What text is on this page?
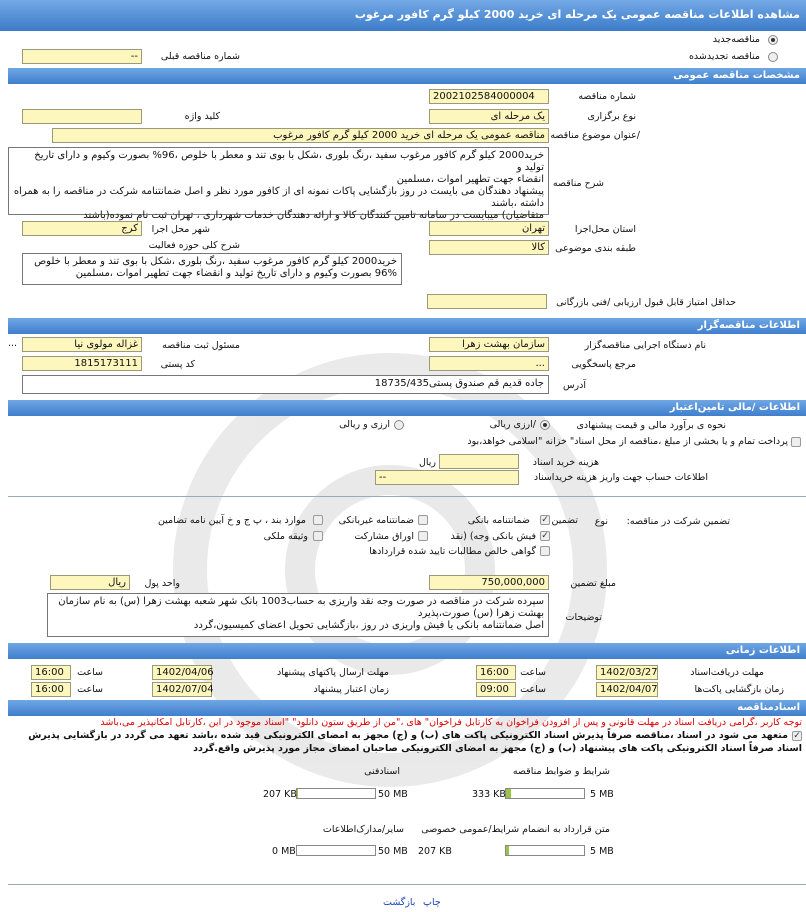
مشاهده اطلاعات مناقصه عمومی یک مرحله ای خرید 2000 کیلو گرم کافور مرغوب
مناقصه‌جدید
مناقصه تجدیدشده
شماره مناقصه قبلی
--
مشخصات مناقصه عمومی
شماره مناقصه
2002102584000004
نوع برگزاری
یک مرحله ای
کلید واژه
/عنوان موضوع مناقصه
مناقصه عمومی یک مرحله ای خرید 2000 کیلو گرم کافور مرغوب
شرح مناقصه
خرید2000 کیلو گرم کافور مرغوب سفید ،رنگ بلوری ،شکل با بوی تند و معطر با خلوص ،96% بصورت وکیوم و دارای تاریخ تولید و
انقضاء جهت تطهیر اموات ،مسلمین
پیشنهاد دهندگان می بایست در روز بازگشایی پاکات نمونه ای از کافور مورد نظر و اصل ضمانتنامه شرکت در مناقصه را به همراه
داشته ،باشند
متقاضیان) میبایست در سامانه تامین کنندگان کالا و ارائه دهندگان خدمات شهرداری ، تهران ثبت نام نموده(باشند
استان محل‌اجرا
تهران
شهر محل اجرا
کرج
طبقه بندی موضوعی
کالا
شرح کلی حوزه فعالیت
خرید2000 کیلو گرم کافور مرغوب سفید ،رنگ بلوری ،شکل با بوی تند و معطر با خلوص
96% بصورت وکیوم و دارای تاریخ تولید و انقضاء جهت تطهیر اموات ،مسلمین
حداقل امتیاز قابل قبول ارزیابی /فنی بازرگانی
اطلاعات مناقصه‌گزار
نام دستگاه اجرایی مناقصه‌گزار
سازمان بهشت زهرا
مسئول ثبت مناقصه
غزاله مولوی نیا
...
مرجع پاسخگویی
...
کد پستی
1815173111
آدرس
جاده قدیم قم صندوق پستی18735/435
اطلاعات /مالی تامین‌اعتبار
نحوه ی برآورد مالی و قیمت پیشنهادی
/ارزی ریالی
ارزی و ریالی
پرداخت تمام و یا بخشی از مبلغ ،مناقصه از محل اسناد" خزانه "اسلامی خواهد،بود
هزینه خرید اسناد
ریال
اطلاعات حساب جهت واریز هزینه خرید‌اسناد
--
تضمین شرکت در مناقصه:
نوع
✓ تضمین
ضمانتنامه بانکی
ضمانتنامه غیربانکی
موارد بند ، پ ج و خ آیین نامه تضامین
✓
فیش بانکی وجه) (نقد
اوراق مشارکت
وثیقه ملکی
گواهی خالص مطالبات تایید شده قراردادها
مبلغ تضمین
750,000,000
واحد پول
ریال
توضیحات
سپرده شرکت در مناقصه در صورت وجه نقد واریزی به حساب1003 بانک شهر شعبه بهشت زهرا (س) به نام سازمان
بهشت زهرا (س) صورت،پذیرد
اصل ضمانتنامه بانکی یا فیش واریزی در روز ،بازگشایی تحویل اعضای کمیسیون،گردد
اطلاعات زمانی
مهلت دریافت‌اسناد
1402/03/27
ساعت
16:00
مهلت ارسال پاکتهای پیشنهاد
1402/04/06
ساعت
16:00
زمان بازگشایی پاکت‌ها
1402/04/07
ساعت
09:00
زمان اعتبار پیشنهاد
1402/07/04
ساعت
16:00
اسنادمناقصه
توجه کاربر ،گرامی دریافت اسناد در مهلت قانونی و پس از افزودن فراخوان به کارتابل فراخوان" های ،"من از طریق ستون دانلود" "اسناد موجود در این ،کارتابل امکانپذیر می،باشد
✓
متعهد می شود در اسناد ،مناقصه صرفاً پذیرش اسناد الکترونیکی پاکت های (ب) و (ج) مجهز به امضای الکترونیکی قید شده ،باشد تعهد می گردد در بازگشایی پذیرش
اسناد صرفاً اسناد الکترونیکی پاکت های پیشنهاد (ب) و (ج) مجهز به امضای الکترونیکی صاحبان امضای مجاز مورد پذیرش واقع.گردد
شرایط و ضوابط مناقصه
5 MB
333 KB
اسنادفنی
50 MB
207 KB
متن قرارداد به انضمام شرایط/عمومی خصوصی
5 MB
207 KB
سایر/مدارک‌اطلاعات
50 MB
0 MB
بازگشت چاپ
